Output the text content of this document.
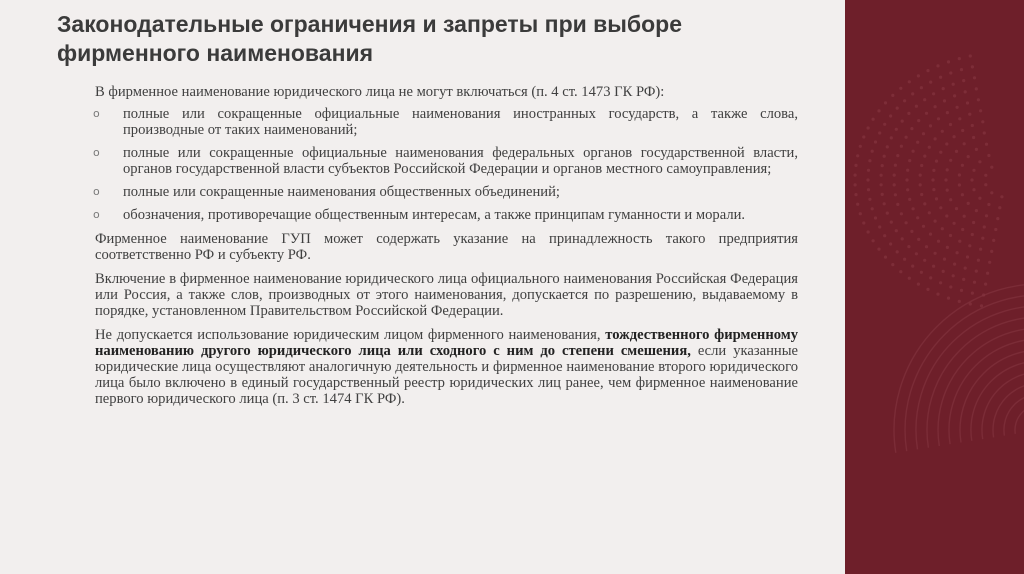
Законодательные ограничения и запреты при выборе фирменного наименования

В фирменное наименование юридического лица не могут включаться (п. 4 ст. 1473 ГК РФ):

o полные или сокращенные официальные наименования иностранных государств, а также слова, производные от таких наименований;
o полные или сокращенные официальные наименования федеральных органов государственной власти, органов государственной власти субъектов Российской Федерации и органов местного самоуправления;
o полные или сокращенные наименования общественных объединений;
o обозначения, противоречащие общественным интересам, а также принципам гуманности и морали.

Фирменное наименование ГУП может содержать указание на принадлежность такого предприятия соответственно РФ и субъекту РФ.

Включение в фирменное наименование юридического лица официального наименования Российская Федерация или Россия, а также слов, производных от этого наименования, допускается по разрешению, выдаваемому в порядке, установленном Правительством Российской Федерации.

Не допускается использование юридическим лицом фирменного наименования, тождественного фирменному наименованию другого юридического лица или сходного с ним до степени смешения, если указанные юридические лица осуществляют аналогичную деятельность и фирменное наименование второго юридического лица было включено в единый государственный реестр юридических лиц ранее, чем фирменное наименование первого юридического лица (п. 3 ст. 1474 ГК РФ).
